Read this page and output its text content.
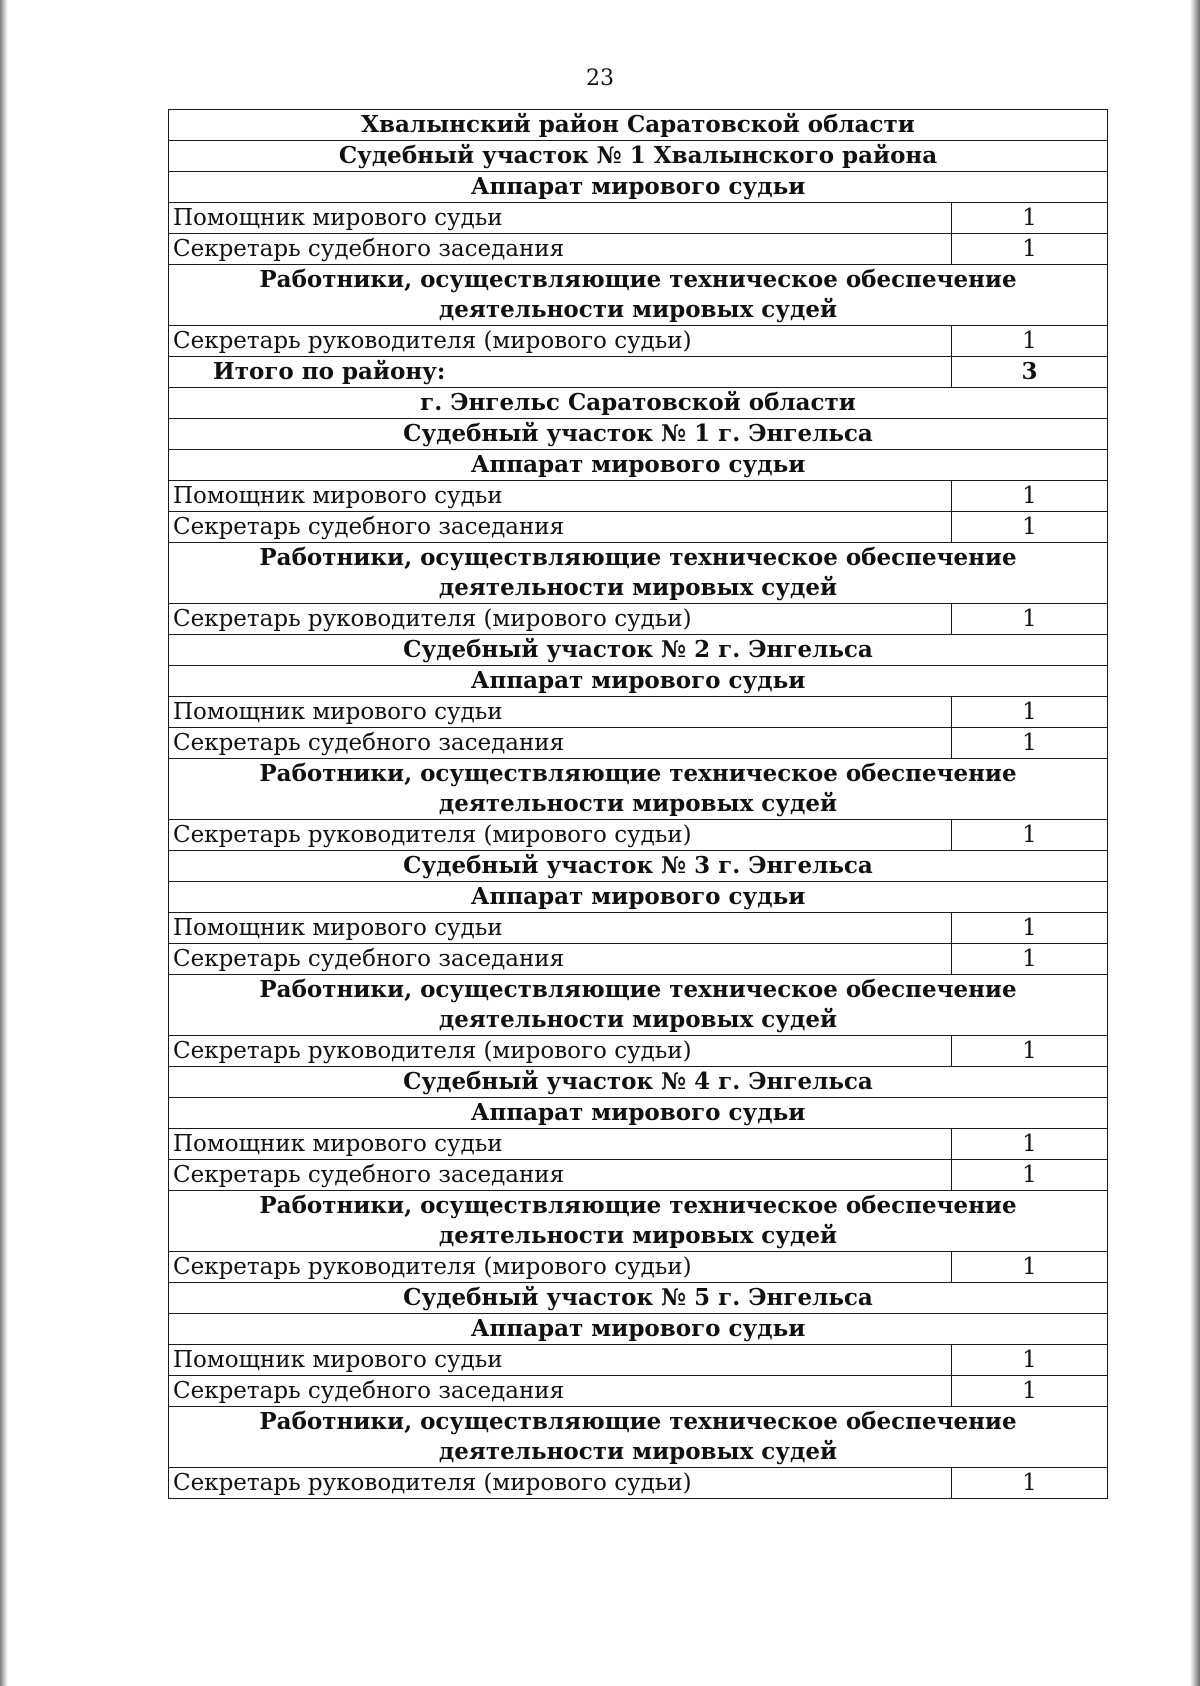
23
Хвалынский район Саратовской области	
Судебный участок № 1 Хвалынского района	
Аппарат мирового судьи	
Помощник мирового судьи	1
Секретарь судебного заседания	1
Работники, осуществляющие техническое обеспечение деятельности мировых судей	
Секретарь руководителя (мирового судьи)	1
Итого по району:	3
г. Энгельс Саратовской области	
Судебный участок № 1 г. Энгельса	
Аппарат мирового судьи	
Помощник мирового судьи	1
Секретарь судебного заседания	1
Работники, осуществляющие техническое обеспечение деятельности мировых судей	
Секретарь руководителя (мирового судьи)	1
Судебный участок № 2 г. Энгельса	
Аппарат мирового судьи	
Помощник мирового судьи	1
Секретарь судебного заседания	1
Работники, осуществляющие техническое обеспечение деятельности мировых судей	
Секретарь руководителя (мирового судьи)	1
Судебный участок № 3 г. Энгельса	
Аппарат мирового судьи	
Помощник мирового судьи	1
Секретарь судебного заседания	1
Работники, осуществляющие техническое обеспечение деятельности мировых судей	
Секретарь руководителя (мирового судьи)	1
Судебный участок № 4 г. Энгельса	
Аппарат мирового судьи	
Помощник мирового судьи	1
Секретарь судебного заседания	1
Работники, осуществляющие техническое обеспечение деятельности мировых судей	
Секретарь руководителя (мирового судьи)	1
Судебный участок № 5 г. Энгельса	
Аппарат мирового судьи	
Помощник мирового судьи	1
Секретарь судебного заседания	1
Работники, осуществляющие техническое обеспечение деятельности мировых судей	
Секретарь руководителя (мирового судьи)	1
